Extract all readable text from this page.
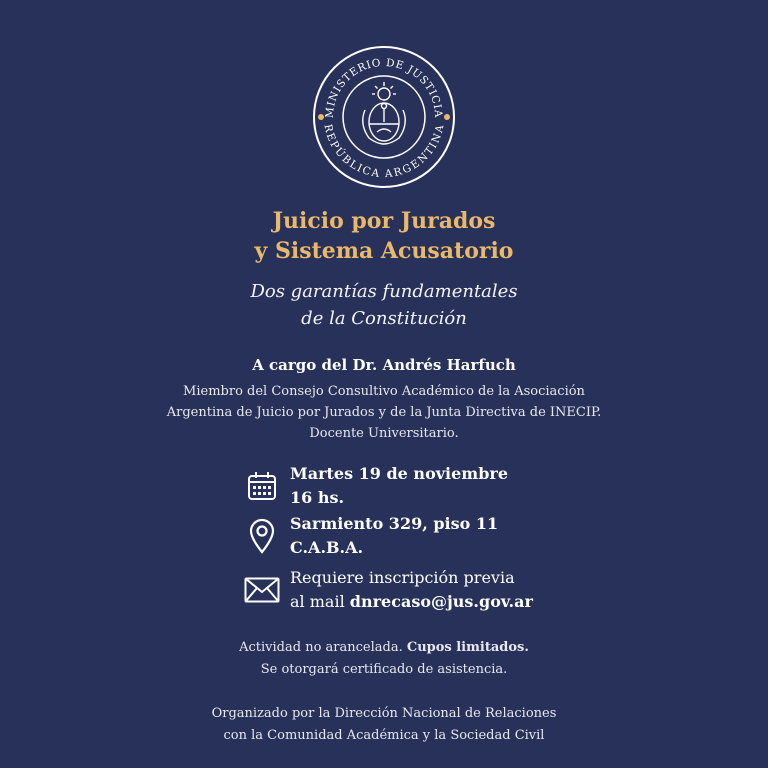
MINISTERIO DE JUSTICIA
REPÚBLICA ARGENTINA
Juicio por Jurados
y Sistema Acusatorio
Dos garantías fundamentales
de la Constitución
A cargo del Dr. Andrés Harfuch
Miembro del Consejo Consultivo Académico de la Asociación
Argentina de Juicio por Jurados y de la Junta Directiva de INECIP.
Docente Universitario.
Martes 19 de noviembre
16 hs.
Sarmiento 329, piso 11
C.A.B.A.
Requiere inscripción previa
al mail dnrecaso@jus.gov.ar
Actividad no arancelada. Cupos limitados.
Se otorgará certificado de asistencia.
Organizado por la Dirección Nacional de Relaciones
con la Comunidad Académica y la Sociedad Civil
